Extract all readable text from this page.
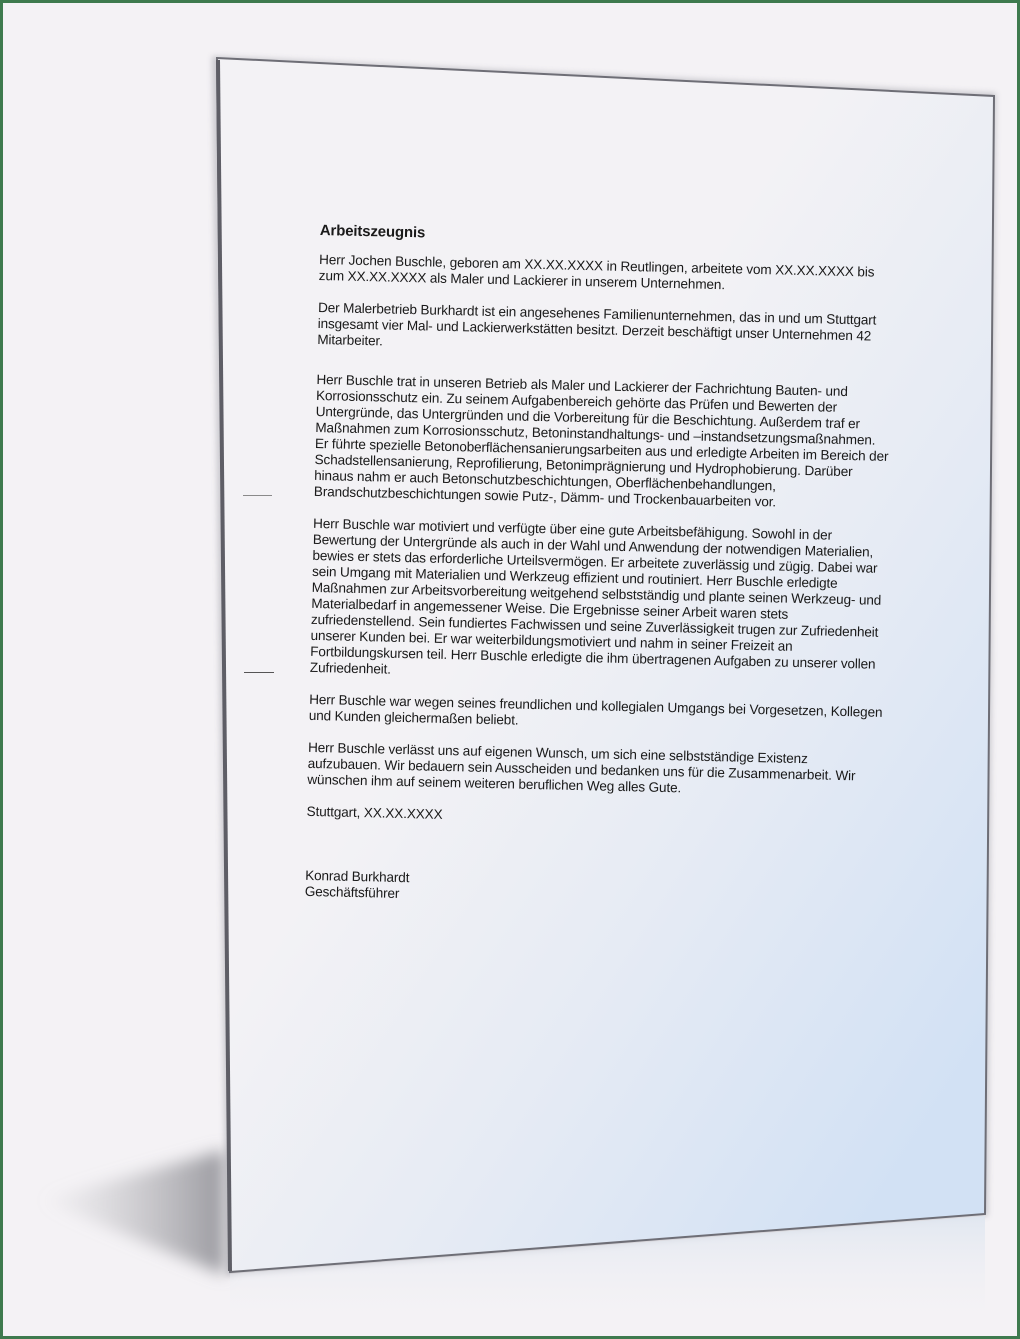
Arbeitszeugnis

Herr Jochen Buschle, geboren am XX.XX.XXXX in Reutlingen, arbeitete vom XX.XX.XXXX bis zum XX.XX.XXXX als Maler und Lackierer in unserem Unternehmen.

Der Malerbetrieb Burkhardt ist ein angesehenes Familienunternehmen, das in und um Stuttgart insgesamt vier Mal- und Lackierwerkstätten besitzt. Derzeit beschäftigt unser Unternehmen 42 Mitarbeiter.

Herr Buschle trat in unseren Betrieb als Maler und Lackierer der Fachrichtung Bauten- und Korrosionsschutz ein. Zu seinem Aufgabenbereich gehörte das Prüfen und Bewerten der Untergründe, das Untergründen und die Vorbereitung für die Beschichtung. Außerdem traf er Maßnahmen zum Korrosionsschutz, Betoninstandhaltungs- und –instandsetzungsmaßnahmen. Er führte spezielle Betonoberflächensanierungsarbeiten aus und erledigte Arbeiten im Bereich der Schadstellensanierung, Reprofilierung, Betonimprägnierung und Hydrophobierung. Darüber hinaus nahm er auch Betonschutzbeschichtungen, Oberflächenbehandlungen, Brandschutzbeschichtungen sowie Putz-, Dämm- und Trockenbauarbeiten vor.

Herr Buschle war motiviert und verfügte über eine gute Arbeitsbefähigung. Sowohl in der Bewertung der Untergründe als auch in der Wahl und Anwendung der notwendigen Materialien, bewies er stets das erforderliche Urteilsvermögen. Er arbeitete zuverlässig und zügig. Dabei war sein Umgang mit Materialien und Werkzeug effizient und routiniert. Herr Buschle erledigte Maßnahmen zur Arbeitsvorbereitung weitgehend selbstständig und plante seinen Werkzeug- und Materialbedarf in angemessener Weise. Die Ergebnisse seiner Arbeit waren stets zufriedenstellend. Sein fundiertes Fachwissen und seine Zuverlässigkeit trugen zur Zufriedenheit unserer Kunden bei. Er war weiterbildungsmotiviert und nahm in seiner Freizeit an Fortbildungskursen teil. Herr Buschle erledigte die ihm übertragenen Aufgaben zu unserer vollen Zufriedenheit.

Herr Buschle war wegen seines freundlichen und kollegialen Umgangs bei Vorgesetzen, Kollegen und Kunden gleichermaßen beliebt.

Herr Buschle verlässt uns auf eigenen Wunsch, um sich eine selbstständige Existenz aufzubauen. Wir bedauern sein Ausscheiden und bedanken uns für die Zusammenarbeit. Wir wünschen ihm auf seinem weiteren beruflichen Weg alles Gute.

Stuttgart, XX.XX.XXXX

Konrad Burkhardt
Geschäftsführer
